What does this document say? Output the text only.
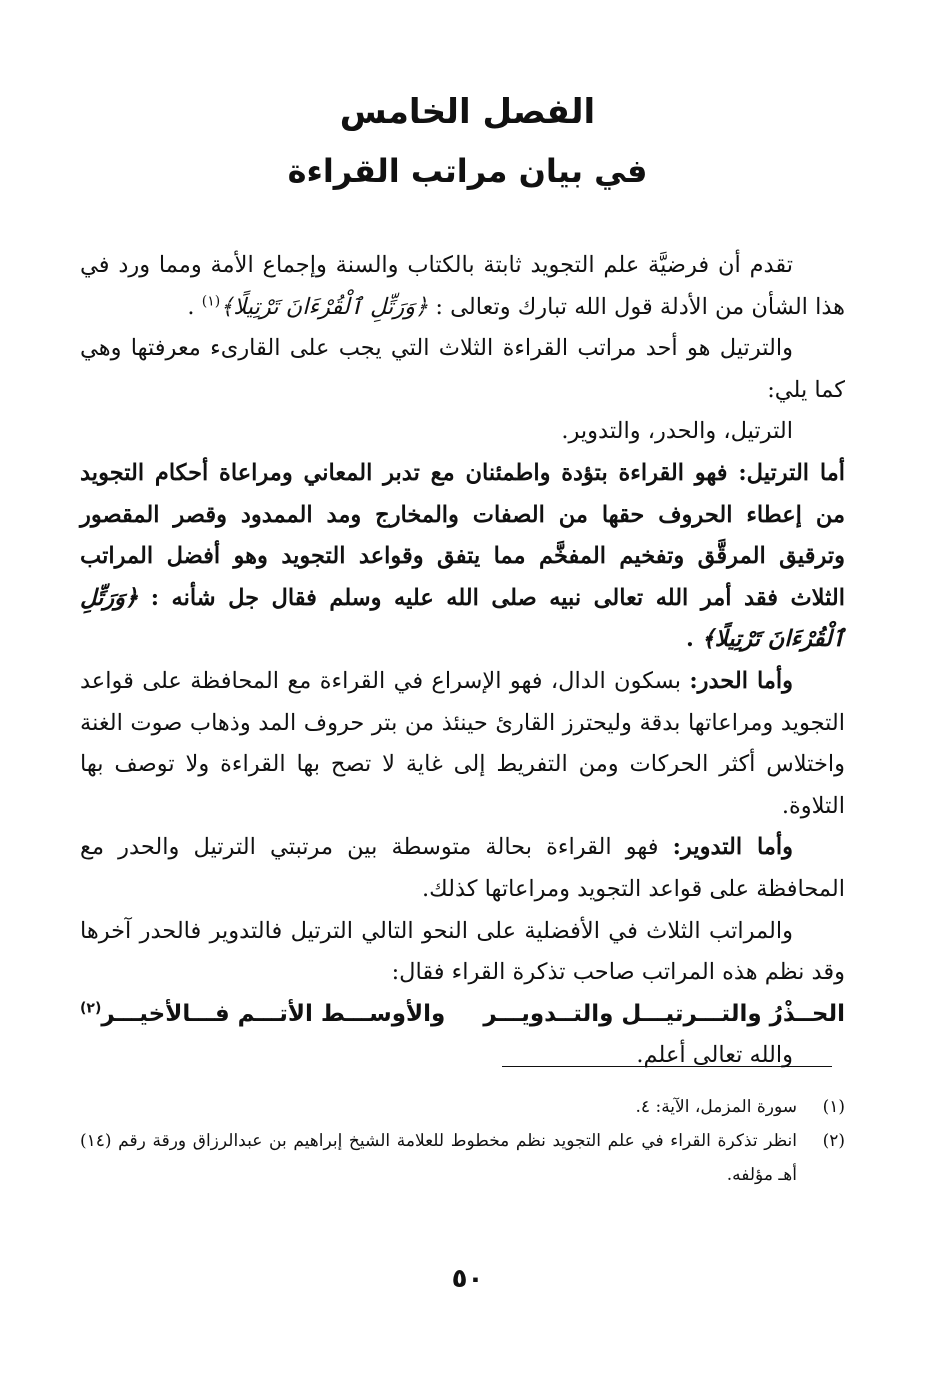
الفصل الخامس
في بيان مراتب القراءة

تقدم أن فرضيَّة علم التجويد ثابتة بالكتاب والسنة وإجماع الأمة ومما ورد في هذا الشأن من الأدلة قول الله تبارك وتعالى : ﴿وَرَتِّلِ ٱلْقُرْءَانَ تَرْتِيلًا﴾$^{(١)}$ .

والترتيل هو أحد مراتب القراءة الثلاث التي يجب على القارىء معرفتها وهي كما يلي:

الترتيل، والحدر، والتدوير.

أما الترتيل: فهو القراءة بتؤدة واطمئنان مع تدبر المعاني ومراعاة أحكام التجويد من إعطاء الحروف حقها من الصفات والمخارج ومد الممدود وقصر المقصور وترقيق المرقَّق وتفخيم المفخَّم مما يتفق وقواعد التجويد وهو أفضل المراتب الثلاث فقد أمر الله تعالى نبيه صلى الله عليه وسلم فقال جل شأنه : ﴿وَرَتِّلِ ٱلْقُرْءَانَ تَرْتِيلًا﴾ .

وأما الحدر: بسكون الدال، فهو الإسراع في القراءة مع المحافظة على قواعد التجويد ومراعاتها بدقة وليحترز القارئ حينئذ من بتر حروف المد وذهاب صوت الغنة واختلاس أكثر الحركات ومن التفريط إلى غاية لا تصح بها القراءة ولا توصف بها التلاوة.

وأما التدوير: فهو القراءة بحالة متوسطة بين مرتبتي الترتيل والحدر مع المحافظة على قواعد التجويد ومراعاتها كذلك.

والمراتب الثلاث في الأفضلية على النحو التالي الترتيل فالتدوير فالحدر آخرها وقد نظم هذه المراتب صاحب تذكرة القراء فقال:

الحــذْرُ والتـــرتيـــل والتــدويـــر
والأوســـط الأتـــم فـــالأخيـــر$^{(٢)}$

والله تعالى أعلم.

(١)
سورة المزمل، الآية: ٤.
(٢)
انظر تذكرة القراء في علم التجويد نظم مخطوط للعلامة الشيخ إبراهيم بن عبدالرزاق ورقة رقم (١٤) أهـ مؤلفه.
٥٠
